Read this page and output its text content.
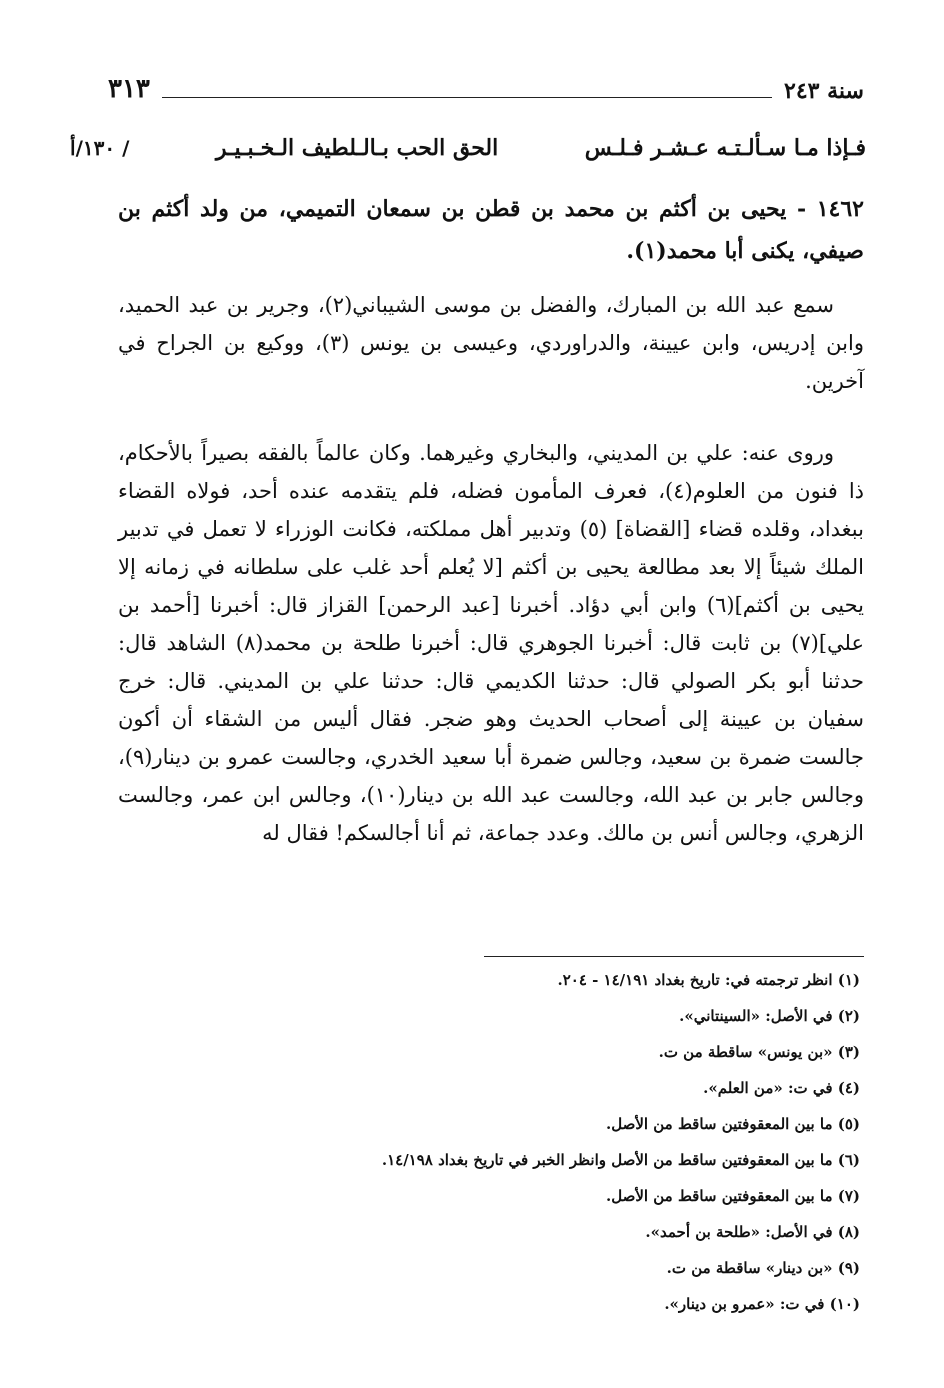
سنة ٢٤٣
٣١٣
فـإذا مـا سـألـتـه عـشـر فـلـس
الحق الحب بـالـلطيف الـخـبـيـر
١٣٠/أ /
١٤٦٢ - يحيى بن أكثم بن محمد بن قطن بن سمعان التميمي، من ولد أكثم بن صيفي، يكنى أبا محمد(١).
سمع عبد الله بن المبارك، والفضل بن موسى الشيباني(٢)، وجرير بن عبد الحميد، وابن إدريس، وابن عيينة، والدراوردي، وعيسى بن يونس (٣)، ووكيع بن الجراح في آخرين.
وروى عنه: علي بن المديني، والبخاري وغيرهما. وكان عالماً بالفقه بصيراً بالأحكام، ذا فنون من العلوم(٤)، فعرف المأمون فضله، فلم يتقدمه عنده أحد، فولاه القضاء ببغداد، وقلده قضاء [القضاة] (٥) وتدبير أهل مملكته، فكانت الوزراء لا تعمل في تدبير الملك شيئاً إلا بعد مطالعة يحيى بن أكثم [لا يُعلم أحد غلب على سلطانه في زمانه إلا يحيى بن أكثم](٦) وابن أبي دؤاد. أخبرنا [عبد الرحمن] القزاز قال: أخبرنا [أحمد بن علي](٧) بن ثابت قال: أخبرنا الجوهري قال: أخبرنا طلحة بن محمد(٨) الشاهد قال: حدثنا أبو بكر الصولي قال: حدثنا الكديمي قال: حدثنا علي بن المديني. قال: خرج سفيان بن عيينة إلى أصحاب الحديث وهو ضجر. فقال أليس من الشقاء أن أكون جالست ضمرة بن سعيد، وجالس ضمرة أبا سعيد الخدري، وجالست عمرو بن دينار(٩)، وجالس جابر بن عبد الله، وجالست عبد الله بن دينار(١٠)، وجالس ابن عمر، وجالست الزهري، وجالس أنس بن مالك. وعدد جماعة، ثم أنا أجالسكم! فقال له
(١) انظر ترجمته في: تاريخ بغداد ١٤/١٩١ - ٢٠٤.
(٢) في الأصل: «السينتاني».
(٣) «بن يونس» ساقطة من ت.
(٤) في ت: «من العلم».
(٥) ما بين المعقوفتين ساقط من الأصل.
(٦) ما بين المعقوفتين ساقط من الأصل وانظر الخبر في تاريخ بغداد ١٤/١٩٨.
(٧) ما بين المعقوفتين ساقط من الأصل.
(٨) في الأصل: «طلحة بن أحمد».
(٩) «بن دينار» ساقطة من ت.
(١٠) في ت: «عمرو بن دينار».
